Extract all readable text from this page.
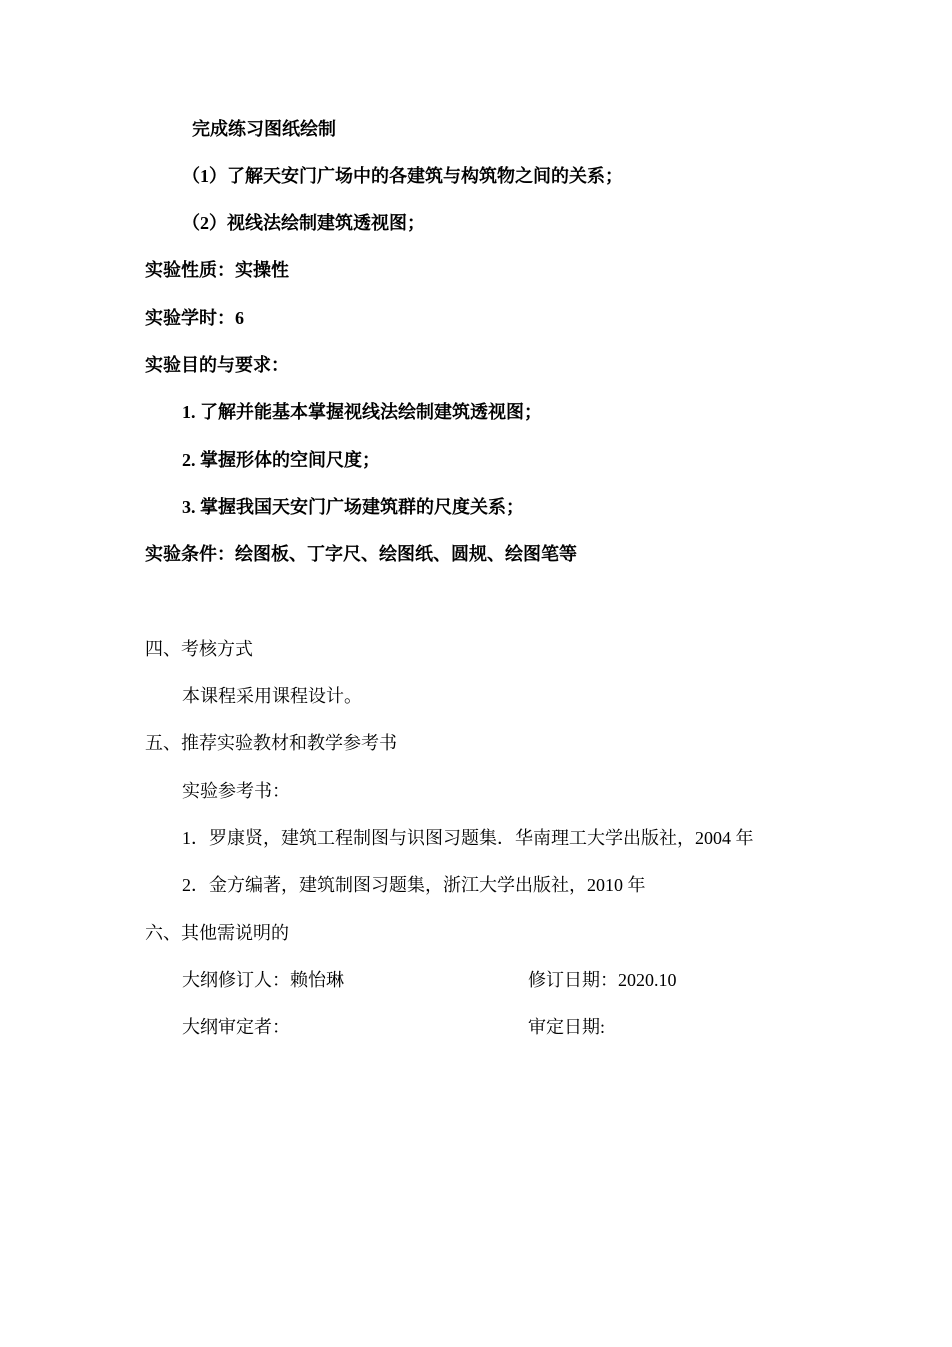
完成练习图纸绘制
（1）了解天安门广场中的各建筑与构筑物之间的关系；
（2）视线法绘制建筑透视图；
实验性质：实操性
实验学时：6
实验目的与要求：
1. 了解并能基本掌握视线法绘制建筑透视图；
2. 掌握形体的空间尺度；
3. 掌握我国天安门广场建筑群的尺度关系；
实验条件：绘图板、丁字尺、绘图纸、圆规、绘图笔等
四、考核方式
本课程采用课程设计。
五、推荐实验教材和教学参考书
实验参考书：
1．罗康贤，建筑工程制图与识图习题集．华南理工大学出版社，2004 年
2．金方编著，建筑制图习题集，浙江大学出版社，2010 年
六、其他需说明的
大纲修订人：赖怡琳	修订日期：2020.10
大纲审定者：	审定日期:
